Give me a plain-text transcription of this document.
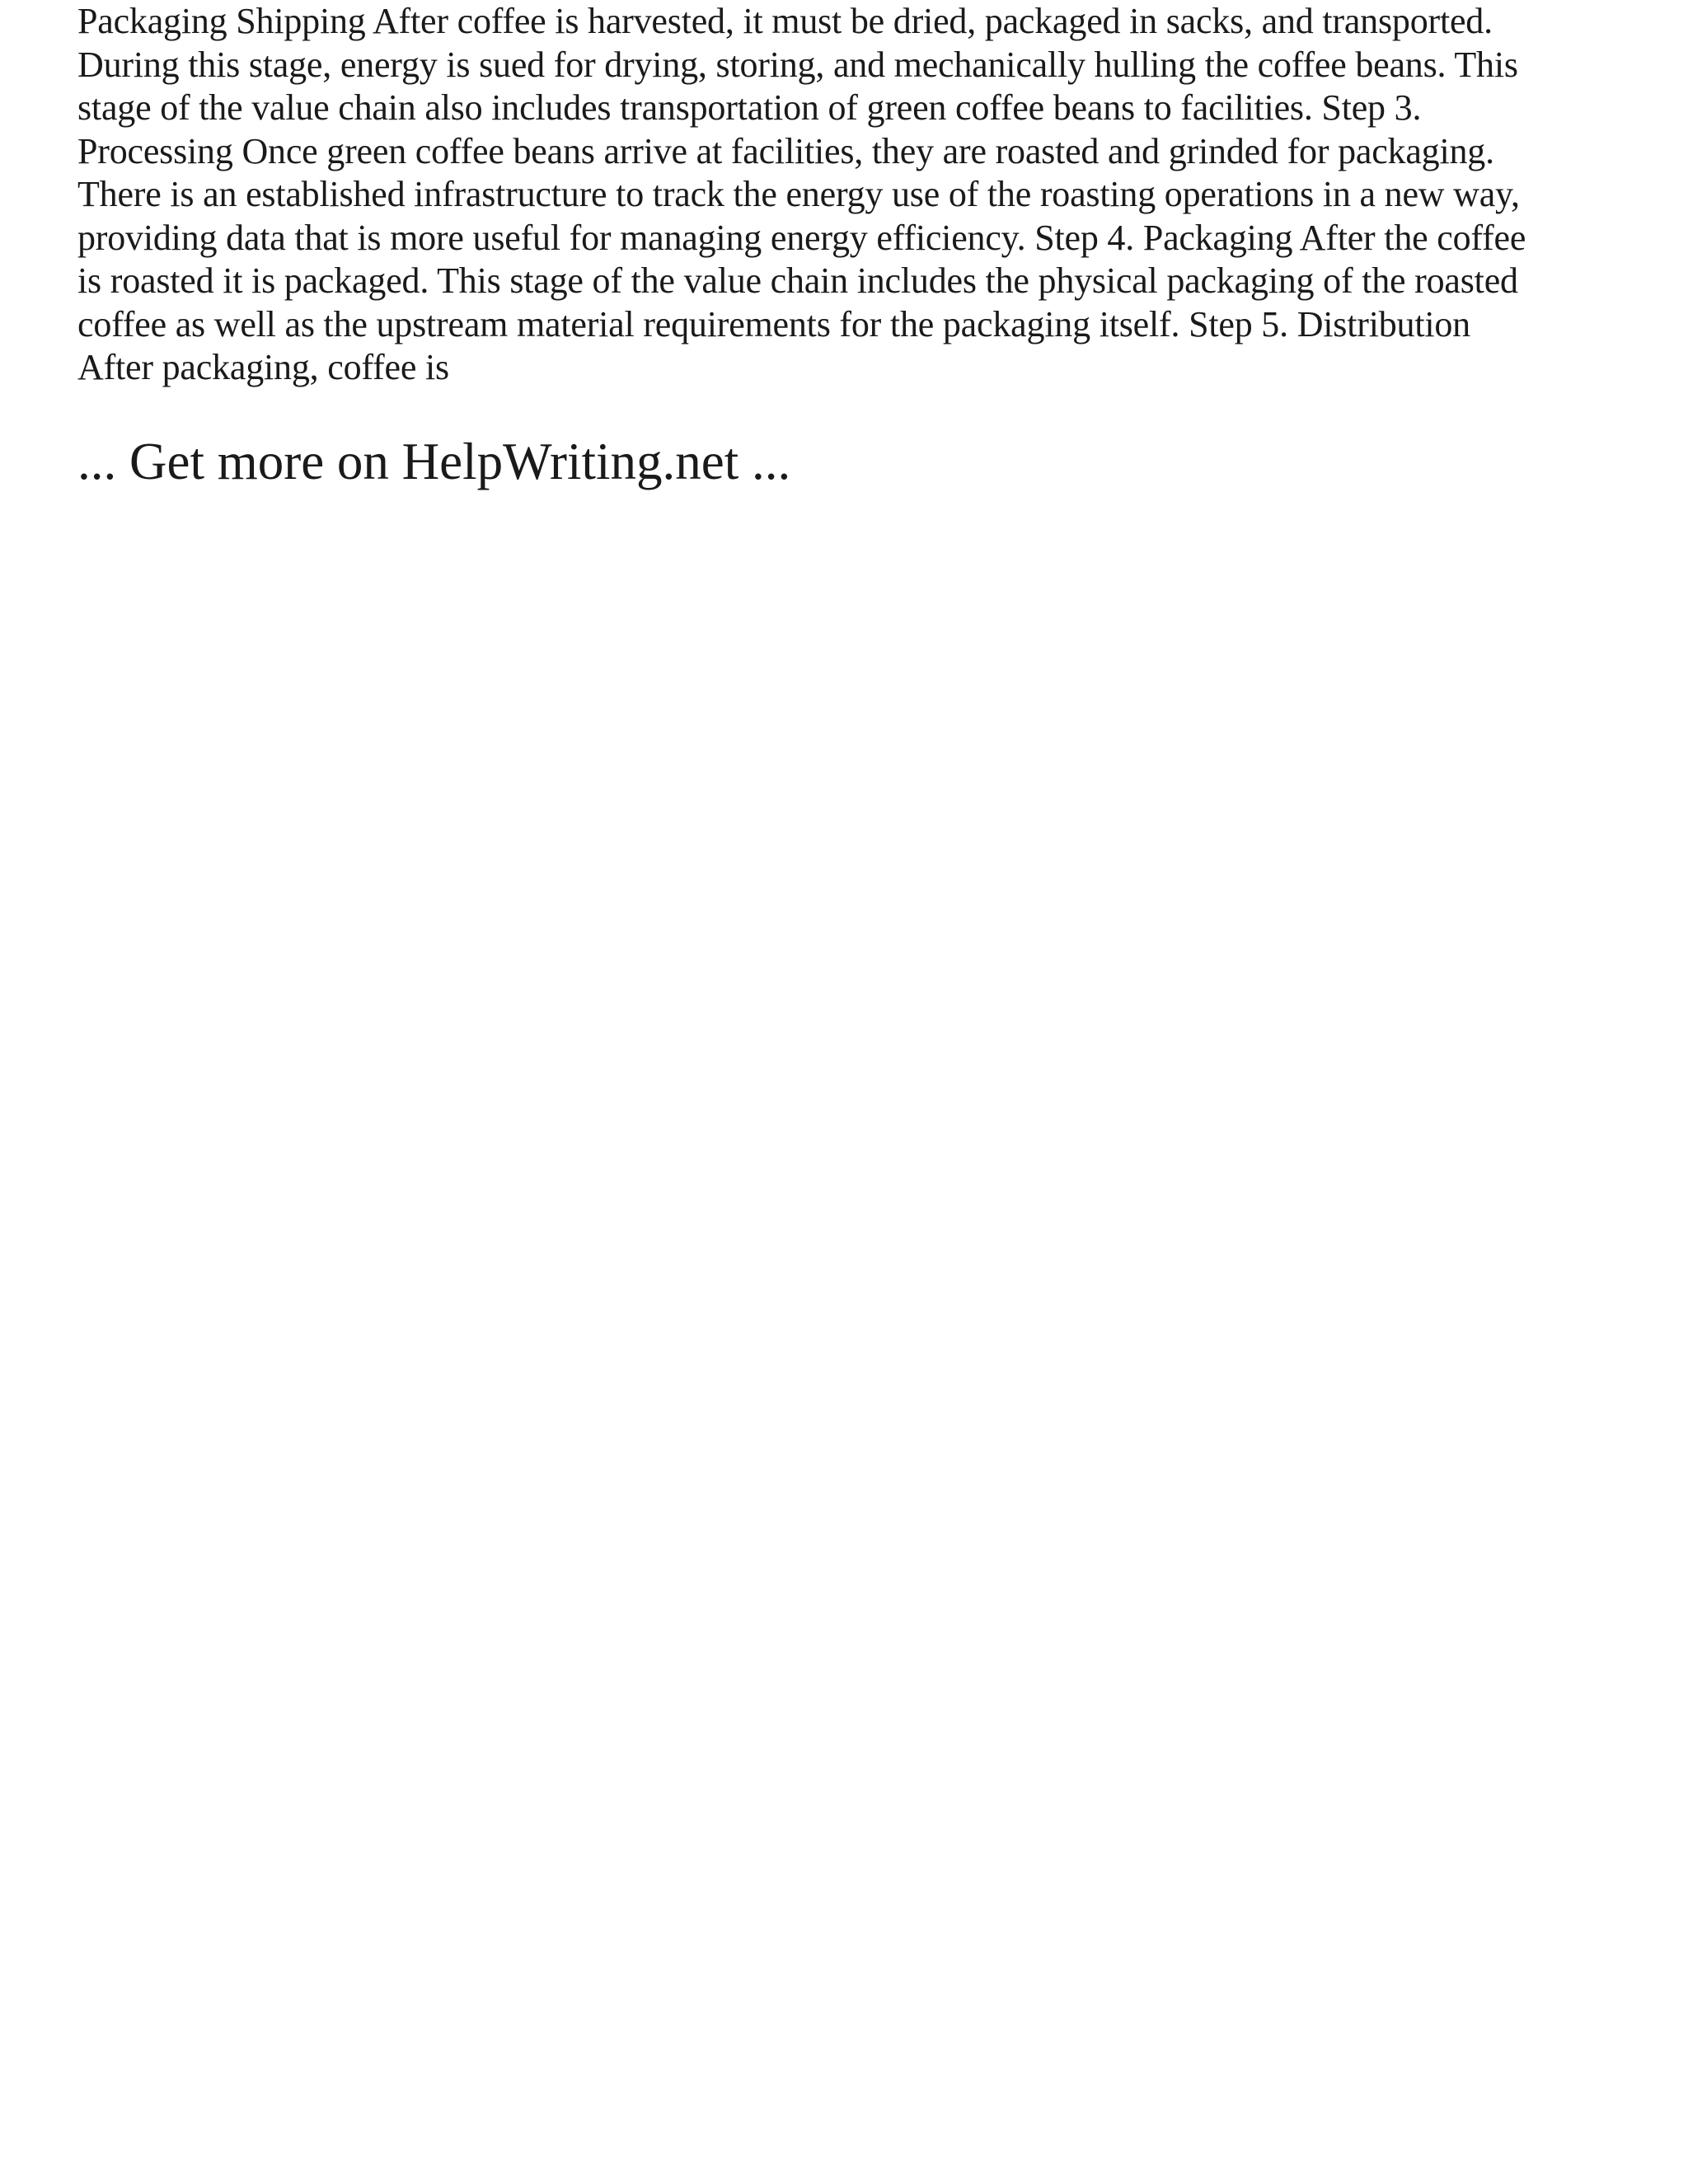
Packaging Shipping After coffee is harvested, it must be dried, packaged in sacks, and transported.
During this stage, energy is sued for drying, storing, and mechanically hulling the coffee beans. This
stage of the value chain also includes transportation of green coffee beans to facilities. Step 3.
Processing Once green coffee beans arrive at facilities, they are roasted and grinded for packaging.
There is an established infrastructure to track the energy use of the roasting operations in a new way,
providing data that is more useful for managing energy efficiency. Step 4. Packaging After the coffee
is roasted it is packaged. This stage of the value chain includes the physical packaging of the roasted
coffee as well as the upstream material requirements for the packaging itself. Step 5. Distribution
After packaging, coffee is

... Get more on HelpWriting.net ...
